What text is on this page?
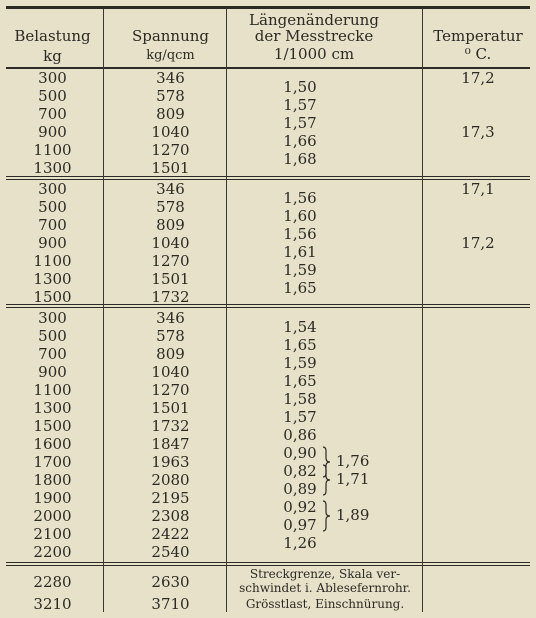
Belastung
kg
Spannung
kg/qcm
Längenänderung
der Messtrecke
1/1000 cm
Temperatur
⁰ C.
300
500
700
900
1100
1300
346
578
809
1040
1270
1501
1,50
1,57
1,57
1,66
1,68
17,2
17,3
300
500
700
900
1100
1300
1500
346
578
809
1040
1270
1501
1732
1,56
1,60
1,56
1,61
1,59
1,65
17,1
17,2
300
500
700
900
1100
1300
1500
1600
1700
1800
1900
2000
2100
2200
346
578
809
1040
1270
1501
1732
1847
1963
2080
2195
2308
2422
2540
1,54
1,65
1,59
1,65
1,58
1,57
0,86
0,90
0,82
0,89
0,92
0,97
1,26
1,76
1,71
1,89
2280
3210
2630
3710
Streckgrenze, Skala ver-
schwindet i. Ablesefernrohr.
Grösstlast, Einschnürung.
